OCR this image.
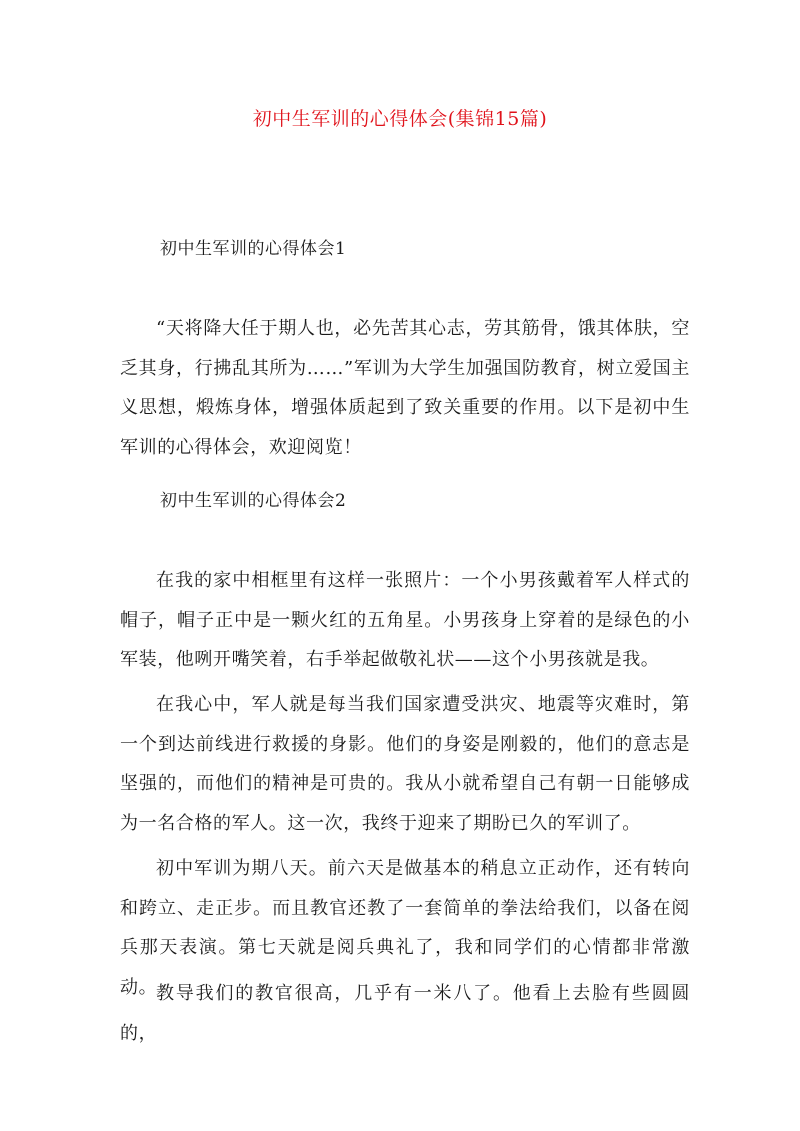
初中生军训的心得体会(集锦15篇)
初中生军训的心得体会1
“天将降大任于期人也，必先苦其心志，劳其筋骨，饿其体肤，空乏其身，行拂乱其所为……”军训为大学生加强国防教育，树立爱国主义思想，煅炼身体，增强体质起到了致关重要的作用。以下是初中生军训的心得体会，欢迎阅览！
初中生军训的心得体会2
在我的家中相框里有这样一张照片：一个小男孩戴着军人样式的帽子，帽子正中是一颗火红的五角星。小男孩身上穿着的是绿色的小军装，他咧开嘴笑着，右手举起做敬礼状——这个小男孩就是我。
在我心中，军人就是每当我们国家遭受洪灾、地震等灾难时，第一个到达前线进行救援的身影。他们的身姿是刚毅的，他们的意志是坚强的，而他们的精神是可贵的。我从小就希望自己有朝一日能够成为一名合格的军人。这一次，我终于迎来了期盼已久的军训了。
初中军训为期八天。前六天是做基本的稍息立正动作，还有转向和跨立、走正步。而且教官还教了一套简单的拳法给我们，以备在阅兵那天表演。第七天就是阅兵典礼了，我和同学们的心情都非常激动。
教导我们的教官很高，几乎有一米八了。他看上去脸有些圆圆的，
